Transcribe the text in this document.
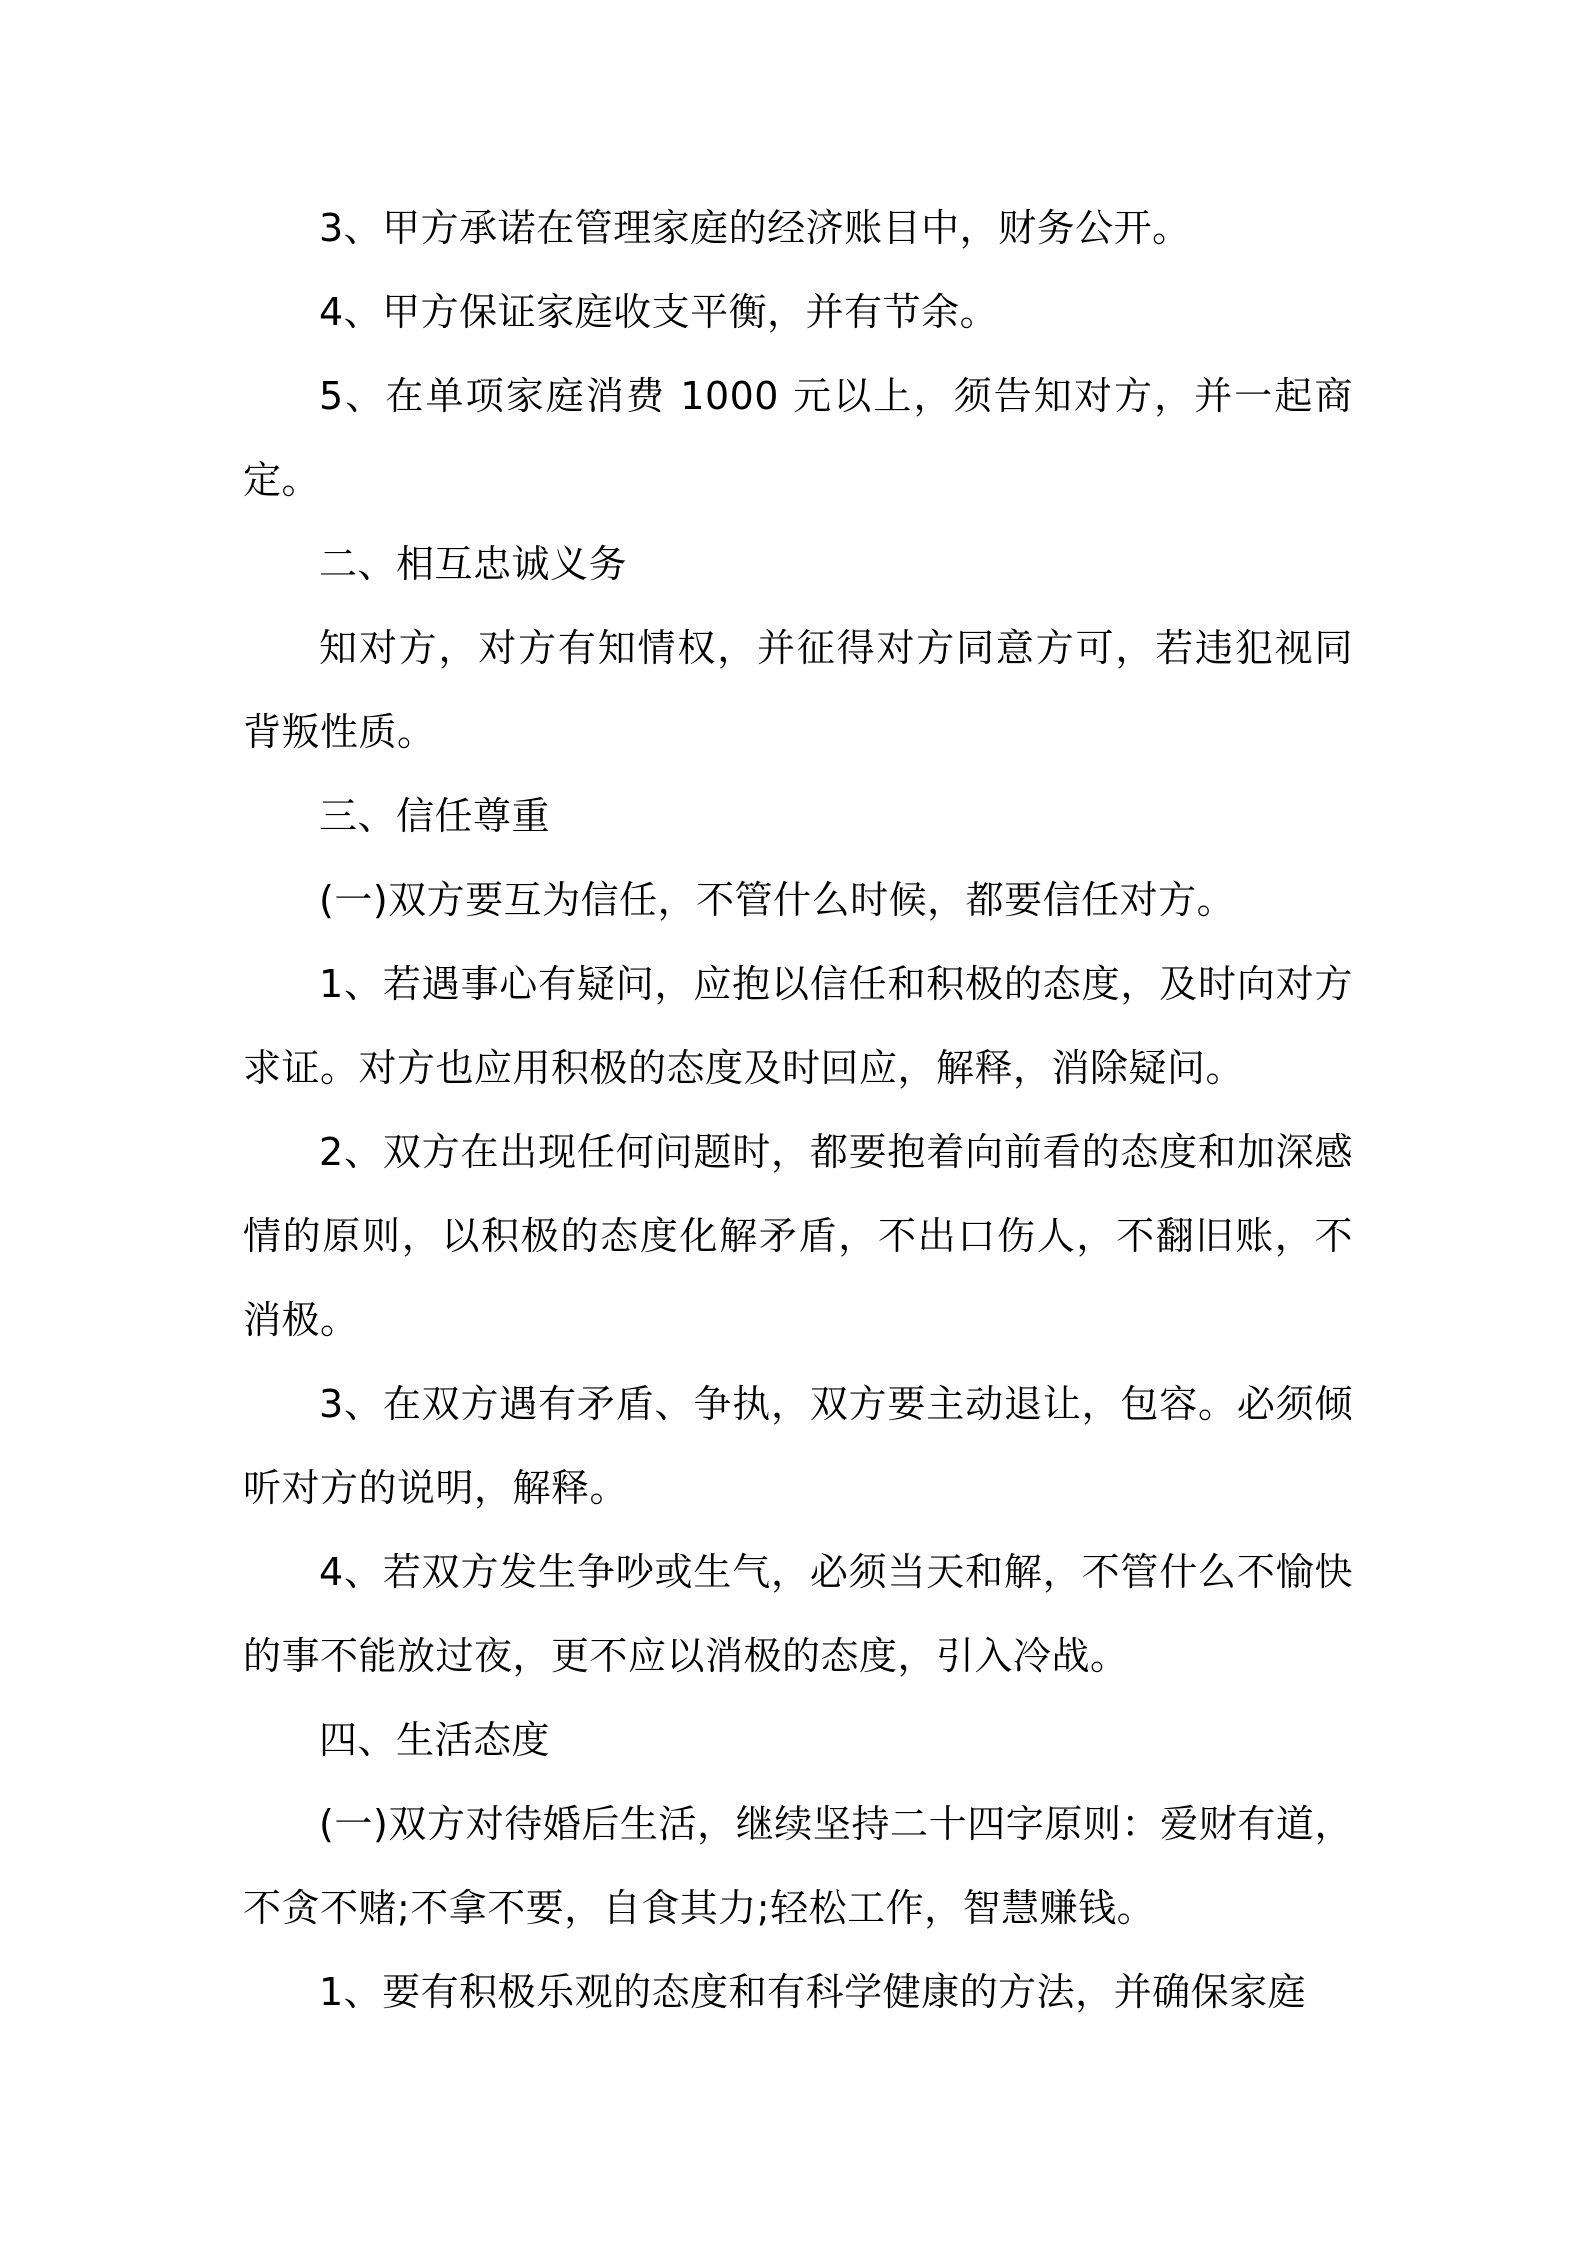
3、甲方承诺在管理家庭的经济账目中，财务公开。

4、甲方保证家庭收支平衡，并有节余。

5、在单项家庭消费 1000 元以上，须告知对方，并一起商定。

二、相互忠诚义务

知对方，对方有知情权，并征得对方同意方可，若违犯视同背叛性质。

三、信任尊重

(一)双方要互为信任，不管什么时候，都要信任对方。

1、若遇事心有疑问，应抱以信任和积极的态度，及时向对方求证。对方也应用积极的态度及时回应，解释，消除疑问。

2、双方在出现任何问题时，都要抱着向前看的态度和加深感情的原则，以积极的态度化解矛盾，不出口伤人，不翻旧账，不消极。

3、在双方遇有矛盾、争执，双方要主动退让，包容。必须倾听对方的说明，解释。

4、若双方发生争吵或生气，必须当天和解，不管什么不愉快的事不能放过夜，更不应以消极的态度，引入冷战。

四、生活态度

(一)双方对待婚后生活，继续坚持二十四字原则：爱财有道，不贪不赌;不拿不要，自食其力;轻松工作，智慧赚钱。

1、要有积极乐观的态度和有科学健康的方法，并确保家庭
